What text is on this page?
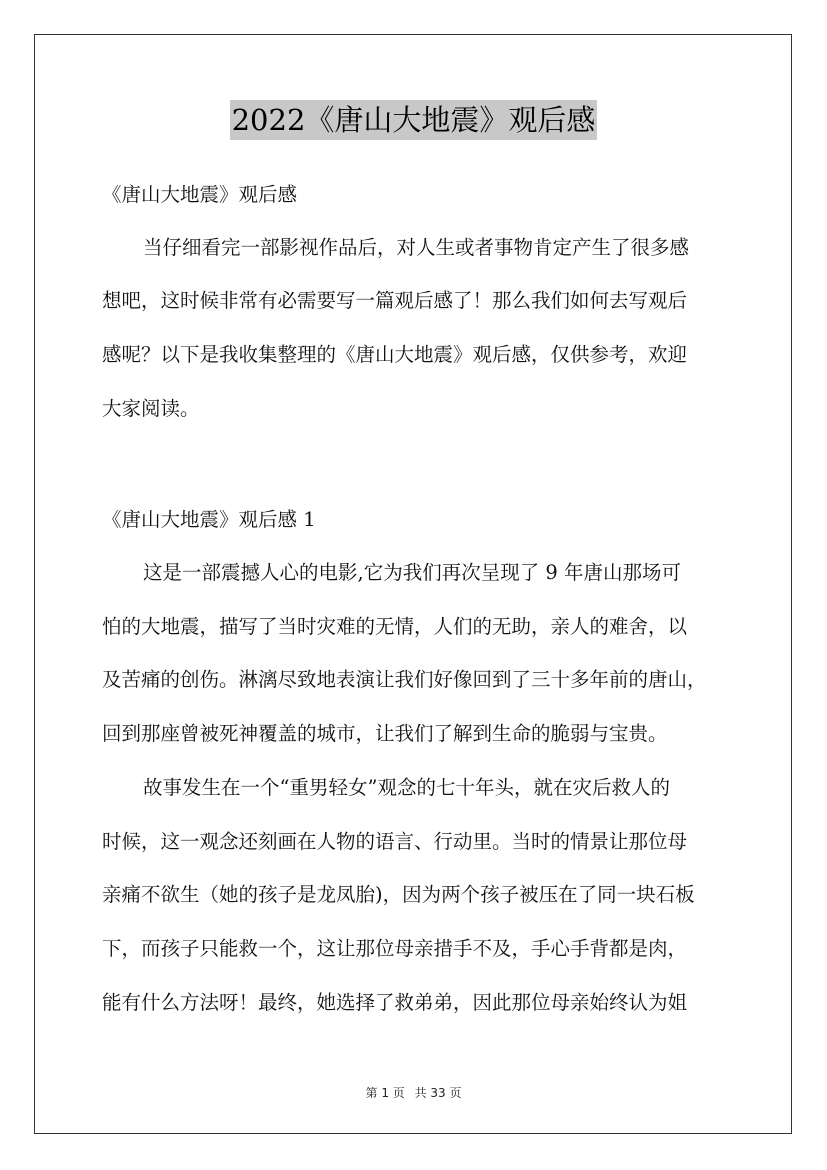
2022《唐山大地震》观后感
《唐山大地震》观后感
当仔细看完一部影视作品后，对人生或者事物肯定产生了很多感
想吧，这时候非常有必需要写一篇观后感了！那么我们如何去写观后
感呢？以下是我收集整理的《唐山大地震》观后感，仅供参考，欢迎
大家阅读。
《唐山大地震》观后感 1
这是一部震撼人心的电影,它为我们再次呈现了 9 年唐山那场可
怕的大地震，描写了当时灾难的无情，人们的无助，亲人的难舍，以
及苦痛的创伤。淋漓尽致地表演让我们好像回到了三十多年前的唐山，
回到那座曾被死神覆盖的城市，让我们了解到生命的脆弱与宝贵。
故事发生在一个“重男轻女”观念的七十年头，就在灾后救人的
时候，这一观念还刻画在人物的语言、行动里。当时的情景让那位母
亲痛不欲生（她的孩子是龙凤胎)，因为两个孩子被压在了同一块石板
下，而孩子只能救一个，这让那位母亲措手不及，手心手背都是肉，
能有什么方法呀！最终，她选择了救弟弟，因此那位母亲始终认为姐
第 1 页 共 33 页
